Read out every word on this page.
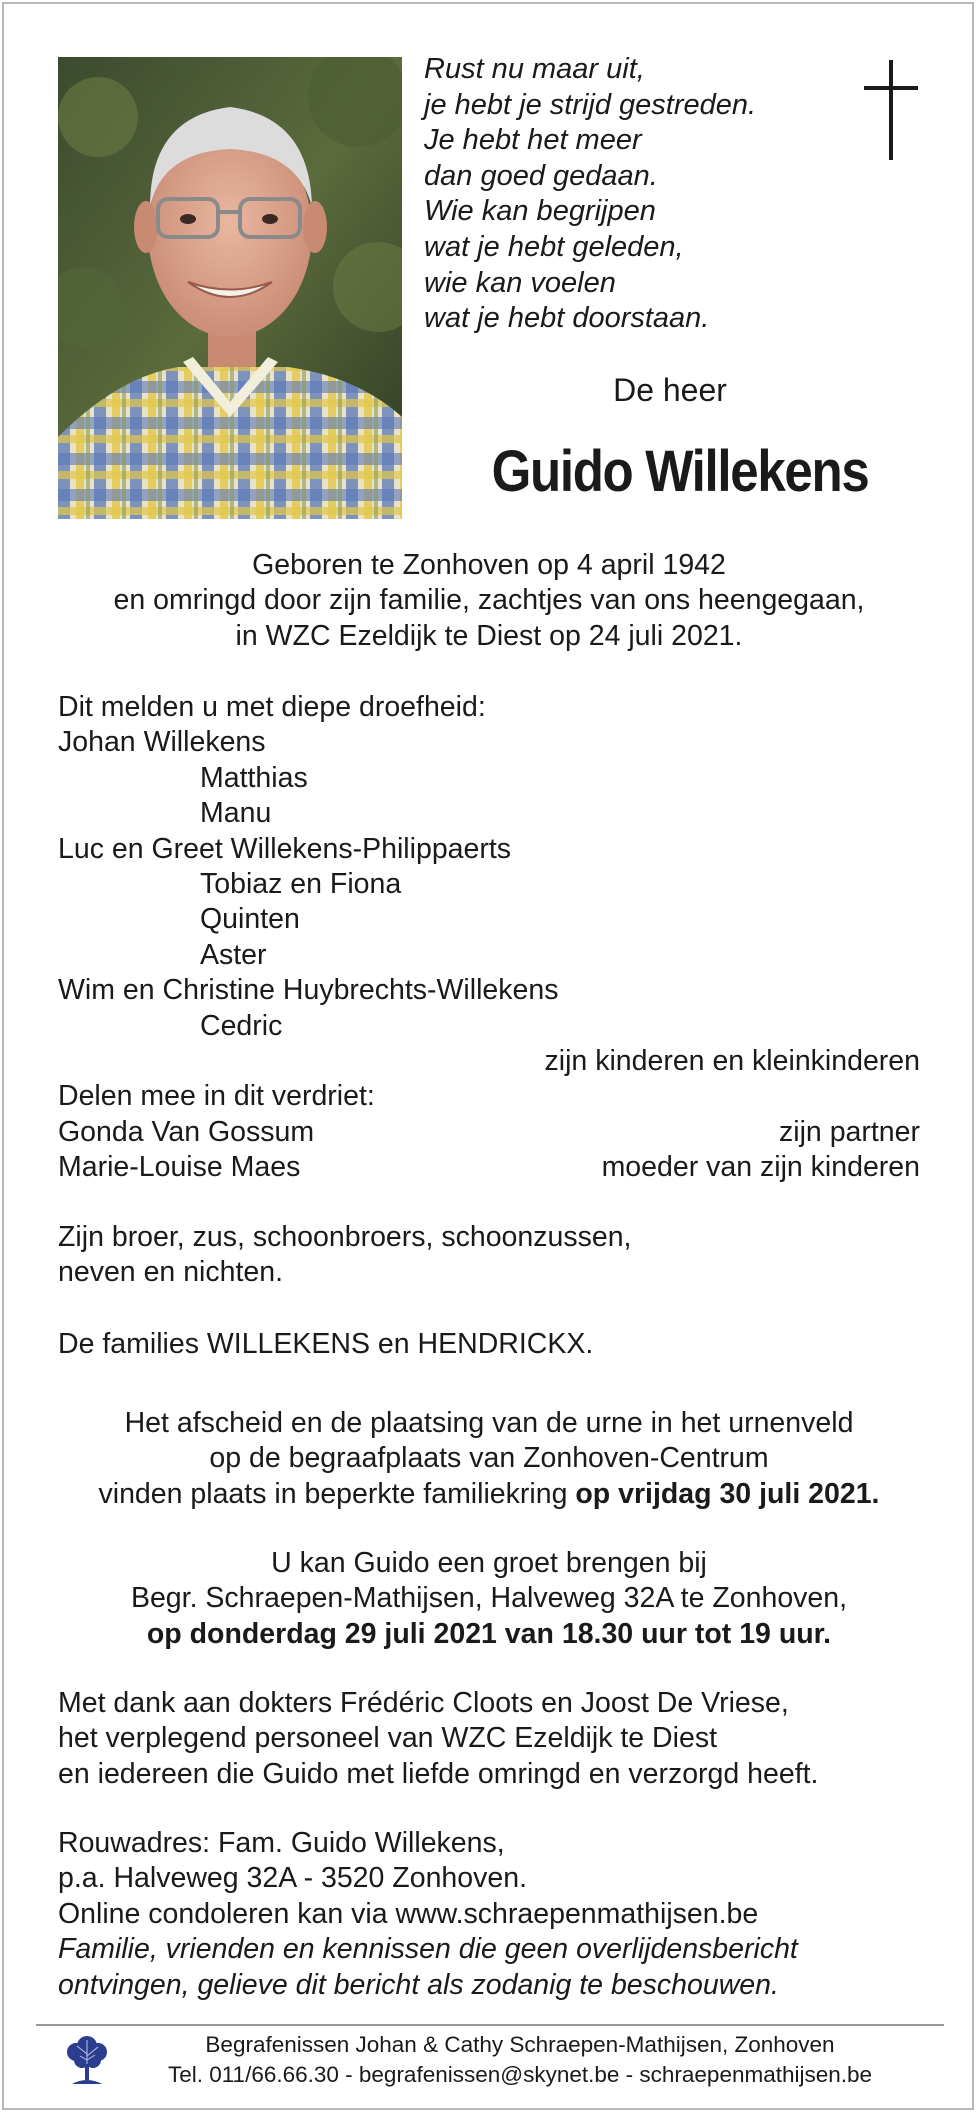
Rust nu maar uit,
je hebt je strijd gestreden.
Je hebt het meer
dan goed gedaan.
Wie kan begrijpen
wat je hebt geleden,
wie kan voelen
wat je hebt doorstaan.
De heer
Guido Willekens
Geboren te Zonhoven op 4 april 1942
en omringd door zijn familie, zachtjes van ons heengegaan,
in WZC Ezeldijk te Diest op 24 juli 2021.
Dit melden u met diepe droefheid:
Johan Willekens
Matthias
Manu
Luc en Greet Willekens-Philippaerts
Tobiaz en Fiona
Quinten
Aster
Wim en Christine Huybrechts-Willekens
Cedric
zijn kinderen en kleinkinderen
Delen mee in dit verdriet:
Gonda Van Gossum	zijn partner
Marie-Louise Maes	moeder van zijn kinderen
Zijn broer, zus, schoonbroers, schoonzussen,
neven en nichten.
De families WILLEKENS en HENDRICKX.
Het afscheid en de plaatsing van de urne in het urnenveld
op de begraafplaats van Zonhoven-Centrum
vinden plaats in beperkte familiekring op vrijdag 30 juli 2021.
U kan Guido een groet brengen bij
Begr. Schraepen-Mathijsen, Halveweg 32A te Zonhoven,
op donderdag 29 juli 2021 van 18.30 uur tot 19 uur.
Met dank aan dokters Frédéric Cloots en Joost De Vriese,
het verplegend personeel van WZC Ezeldijk te Diest
en iedereen die Guido met liefde omringd en verzorgd heeft.
Rouwadres: Fam. Guido Willekens,
p.a. Halveweg 32A - 3520 Zonhoven.
Online condoleren kan via www.schraepenmathijsen.be
Familie, vrienden en kennissen die geen overlijdensbericht
ontvingen, gelieve dit bericht als zodanig te beschouwen.
Begrafenissen Johan & Cathy Schraepen-Mathijsen, Zonhoven
Tel. 011/66.66.30 - begrafenissen@skynet.be - schraepenmathijsen.be
